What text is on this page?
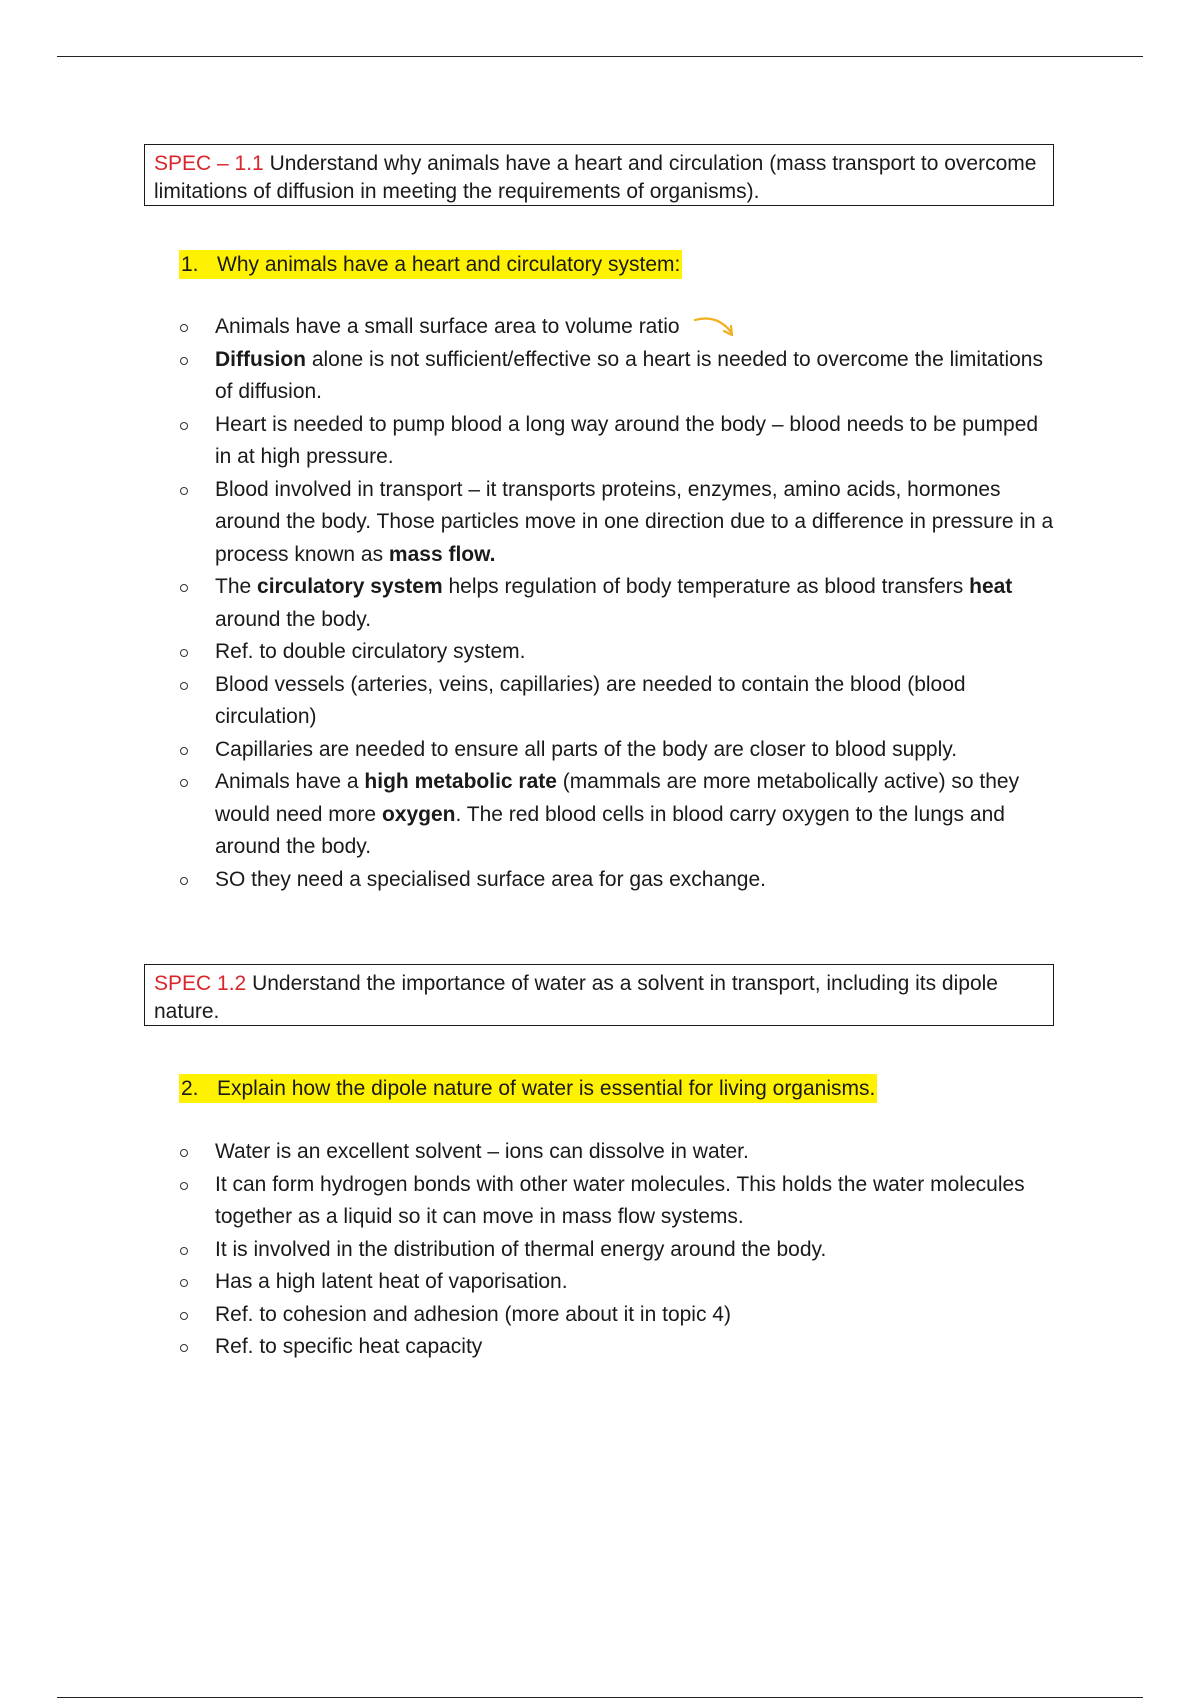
SPEC – 1.1 Understand why animals have a heart and circulation (mass transport to overcome limitations of diffusion in meeting the requirements of organisms).
1. Why animals have a heart and circulatory system:
Animals have a small surface area to volume ratio
Diffusion alone is not sufficient/effective so a heart is needed to overcome the limitations of diffusion.
Heart is needed to pump blood a long way around the body – blood needs to be pumped in at high pressure.
Blood involved in transport – it transports proteins, enzymes, amino acids, hormones around the body. Those particles move in one direction due to a difference in pressure in a process known as mass flow.
The circulatory system helps regulation of body temperature as blood transfers heat around the body.
Ref. to double circulatory system.
Blood vessels (arteries, veins, capillaries) are needed to contain the blood (blood circulation)
Capillaries are needed to ensure all parts of the body are closer to blood supply.
Animals have a high metabolic rate (mammals are more metabolically active) so they would need more oxygen. The red blood cells in blood carry oxygen to the lungs and around the body.
SO they need a specialised surface area for gas exchange.
SPEC 1.2 Understand the importance of water as a solvent in transport, including its dipole nature.
2. Explain how the dipole nature of water is essential for living organisms.
Water is an excellent solvent – ions can dissolve in water.
It can form hydrogen bonds with other water molecules. This holds the water molecules together as a liquid so it can move in mass flow systems.
It is involved in the distribution of thermal energy around the body.
Has a high latent heat of vaporisation.
Ref. to cohesion and adhesion (more about it in topic 4)
Ref. to specific heat capacity
